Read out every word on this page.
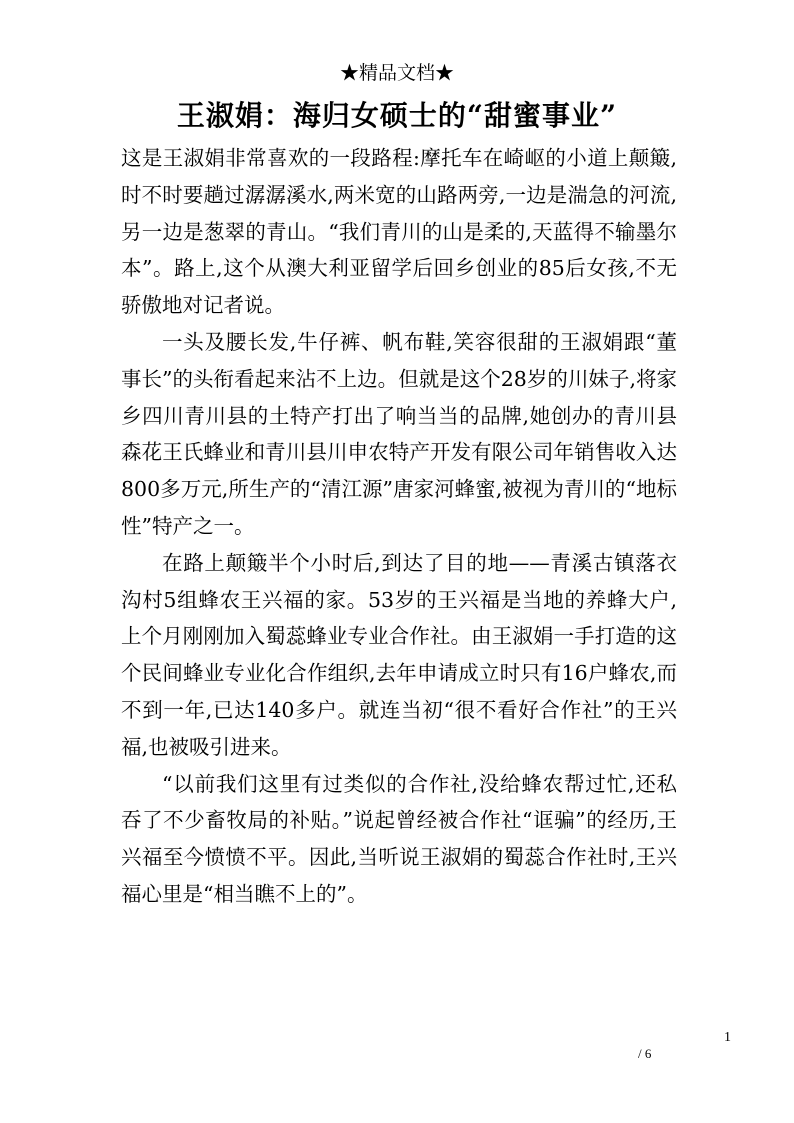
★精品文档★
王淑娟：海归女硕士的“甜蜜事业”

这是王淑娟非常喜欢的一段路程:摩托车在崎岖的小道上颠簸,时不时要趟过潺潺溪水,两米宽的山路两旁,一边是湍急的河流,另一边是葱翠的青山。“我们青川的山是柔的,天蓝得不输墨尔本”。路上,这个从澳大利亚留学后回乡创业的85后女孩,不无骄傲地对记者说。

一头及腰长发,牛仔裤、帆布鞋,笑容很甜的王淑娟跟“董事长”的头衔看起来沾不上边。但就是这个28岁的川妹子,将家乡四川青川县的土特产打出了响当当的品牌,她创办的青川县森花王氏蜂业和青川县川申农特产开发有限公司年销售收入达800多万元,所生产的“清江源”唐家河蜂蜜,被视为青川的“地标性”特产之一。

在路上颠簸半个小时后,到达了目的地——青溪古镇落衣沟村5组蜂农王兴福的家。53岁的王兴福是当地的养蜂大户,上个月刚刚加入蜀蕊蜂业专业合作社。由王淑娟一手打造的这个民间蜂业专业化合作组织,去年申请成立时只有16户蜂农,而不到一年,已达140多户。就连当初“很不看好合作社”的王兴福,也被吸引进来。

“以前我们这里有过类似的合作社,没给蜂农帮过忙,还私吞了不少畜牧局的补贴。”说起曾经被合作社“诓骗”的经历,王兴福至今愤愤不平。因此,当听说王淑娟的蜀蕊合作社时,王兴福心里是“相当瞧不上的”。

1
/ 6
